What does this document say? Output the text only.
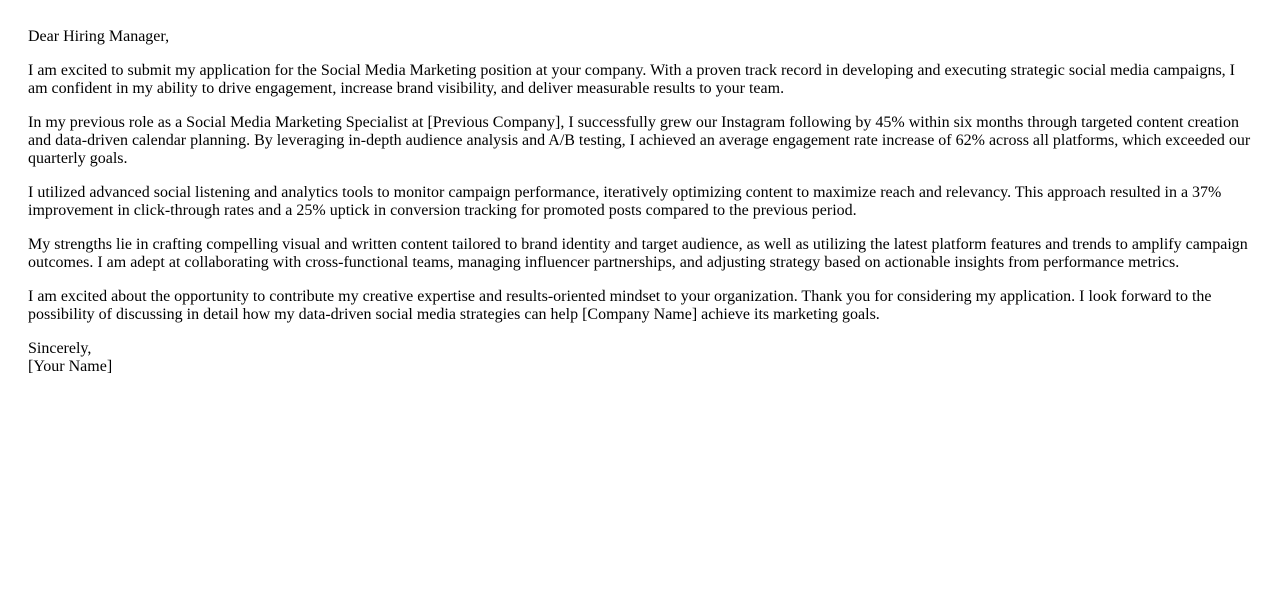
Dear Hiring Manager,

I am excited to submit my application for the Social Media Marketing position at your company. With a proven track record in developing and executing strategic social media campaigns, I am confident in my ability to drive engagement, increase brand visibility, and deliver measurable results to your team.

In my previous role as a Social Media Marketing Specialist at [Previous Company], I successfully grew our Instagram following by 45% within six months through targeted content creation and data-driven calendar planning. By leveraging in-depth audience analysis and A/B testing, I achieved an average engagement rate increase of 62% across all platforms, which exceeded our quarterly goals.

I utilized advanced social listening and analytics tools to monitor campaign performance, iteratively optimizing content to maximize reach and relevancy. This approach resulted in a 37% improvement in click-through rates and a 25% uptick in conversion tracking for promoted posts compared to the previous period.

My strengths lie in crafting compelling visual and written content tailored to brand identity and target audience, as well as utilizing the latest platform features and trends to amplify campaign outcomes. I am adept at collaborating with cross-functional teams, managing influencer partnerships, and adjusting strategy based on actionable insights from performance metrics.

I am excited about the opportunity to contribute my creative expertise and results-oriented mindset to your organization. Thank you for considering my application. I look forward to the possibility of discussing in detail how my data-driven social media strategies can help [Company Name] achieve its marketing goals.

Sincerely,
[Your Name]
